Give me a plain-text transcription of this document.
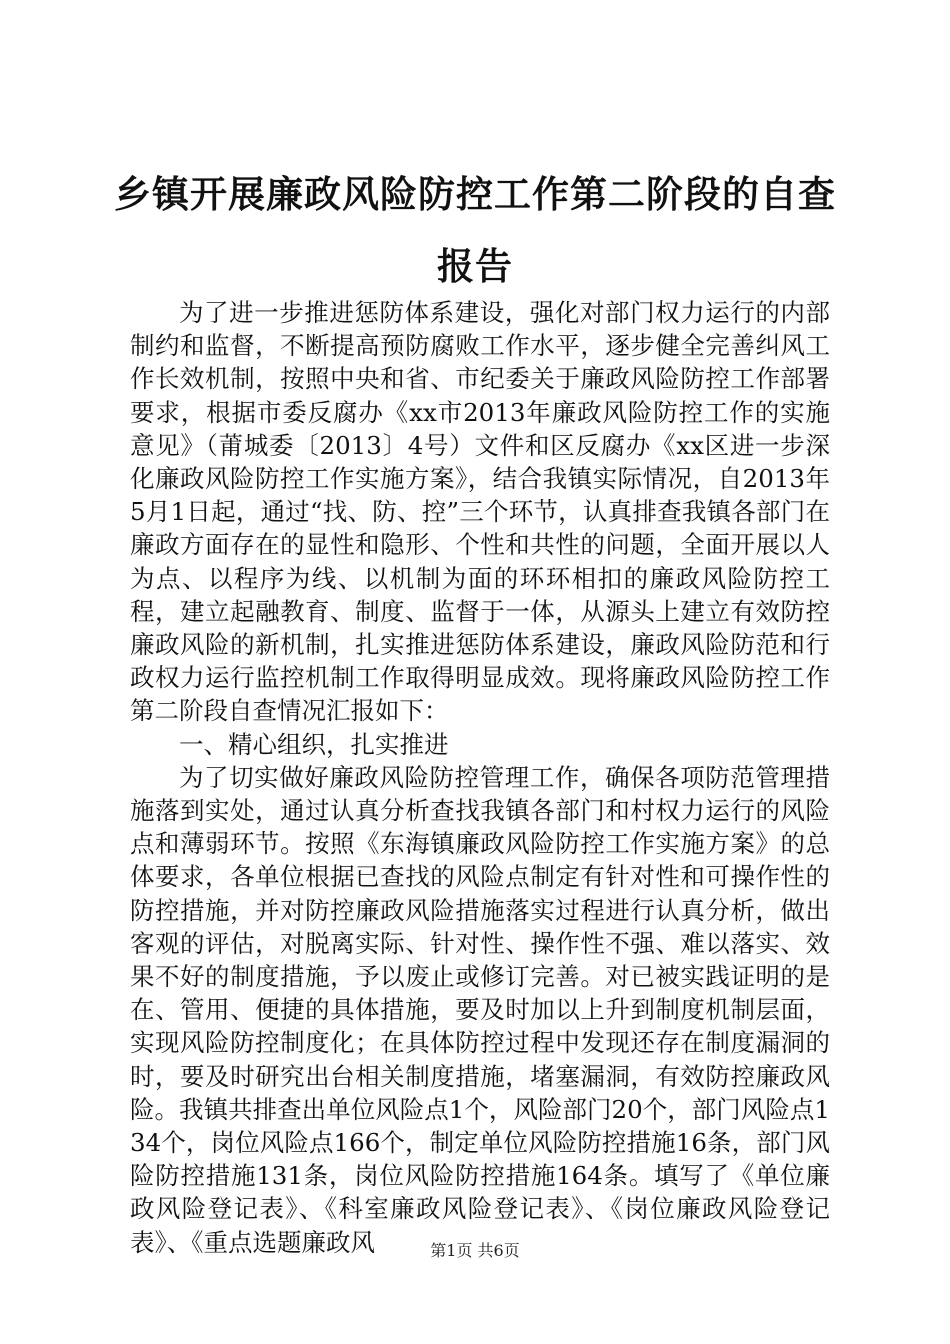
乡镇开展廉政风险防控工作第二阶段的自查报告

为了进一步推进惩防体系建设，强化对部门权力运行的内部制约和监督，不断提高预防腐败工作水平，逐步健全完善纠风工作长效机制，按照中央和省、市纪委关于廉政风险防控工作部署要求，根据市委反腐办《xx市2013年廉政风险防控工作的实施意见》（莆城委〔2013〕4号）文件和区反腐办《xx区进一步深化廉政风险防控工作实施方案》，结合我镇实际情况，自2013年5月1日起，通过“找、防、控”三个环节，认真排查我镇各部门在廉政方面存在的显性和隐形、个性和共性的问题，全面开展以人为点、以程序为线、以机制为面的环环相扣的廉政风险防控工程，建立起融教育、制度、监督于一体，从源头上建立有效防控廉政风险的新机制，扎实推进惩防体系建设，廉政风险防范和行政权力运行监控机制工作取得明显成效。现将廉政风险防控工作第二阶段自查情况汇报如下：

一、精心组织，扎实推进

为了切实做好廉政风险防控管理工作，确保各项防范管理措施落到实处，通过认真分析查找我镇各部门和村权力运行的风险点和薄弱环节。按照《东海镇廉政风险防控工作实施方案》的总体要求，各单位根据已查找的风险点制定有针对性和可操作性的防控措施，并对防控廉政风险措施落实过程进行认真分析，做出客观的评估，对脱离实际、针对性、操作性不强、难以落实、效果不好的制度措施，予以废止或修订完善。对已被实践证明的是在、管用、便捷的具体措施，要及时加以上升到制度机制层面，实现风险防控制度化；在具体防控过程中发现还存在制度漏洞的时，要及时研究出台相关制度措施，堵塞漏洞，有效防控廉政风险。我镇共排查出单位风险点1个，风险部门20个，部门风险点134个，岗位风险点166个，制定单位风险防控措施16条，部门风险防控措施131条，岗位风险防控措施164条。填写了《单位廉政风险登记表》、《科室廉政风险登记表》、《岗位廉政风险登记表》、《重点选题廉政风	第1页 共6页
